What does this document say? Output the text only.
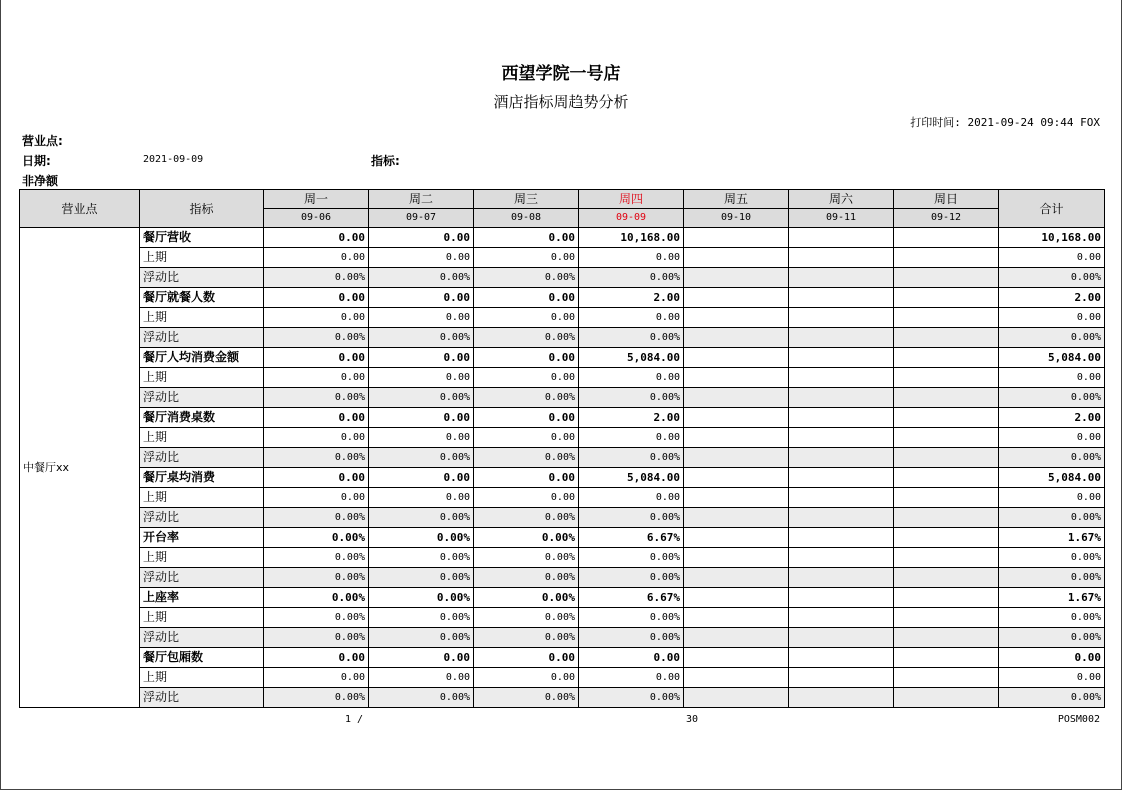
西望学院一号店
酒店指标周趋势分析
打印时间: 2021-09-24 09:44 FOX
营业点:
日期:	2021-09-09	指标:
非净额
营业点	指标	周一	周二	周三	周四	周五	周六	周日	合计
		09-06	09-07	09-08	09-09	09-10	09-11	09-12	
中餐厅xx	餐厅营收	0.00	0.00	0.00	10,168.00				10,168.00
	上期	0.00	0.00	0.00	0.00				0.00
	浮动比	0.00%	0.00%	0.00%	0.00%				0.00%
	餐厅就餐人数	0.00	0.00	0.00	2.00				2.00
	上期	0.00	0.00	0.00	0.00				0.00
	浮动比	0.00%	0.00%	0.00%	0.00%				0.00%
	餐厅人均消费金额	0.00	0.00	0.00	5,084.00				5,084.00
	上期	0.00	0.00	0.00	0.00				0.00
	浮动比	0.00%	0.00%	0.00%	0.00%				0.00%
	餐厅消费桌数	0.00	0.00	0.00	2.00				2.00
	上期	0.00	0.00	0.00	0.00				0.00
	浮动比	0.00%	0.00%	0.00%	0.00%				0.00%
	餐厅桌均消费	0.00	0.00	0.00	5,084.00				5,084.00
	上期	0.00	0.00	0.00	0.00				0.00
	浮动比	0.00%	0.00%	0.00%	0.00%				0.00%
	开台率	0.00%	0.00%	0.00%	6.67%				1.67%
	上期	0.00%	0.00%	0.00%	0.00%				0.00%
	浮动比	0.00%	0.00%	0.00%	0.00%				0.00%
	上座率	0.00%	0.00%	0.00%	6.67%				1.67%
	上期	0.00%	0.00%	0.00%	0.00%				0.00%
	浮动比	0.00%	0.00%	0.00%	0.00%				0.00%
	餐厅包厢数	0.00	0.00	0.00	0.00				0.00
	上期	0.00	0.00	0.00	0.00				0.00
	浮动比	0.00%	0.00%	0.00%	0.00%				0.00%
1 /	30	POSM002
